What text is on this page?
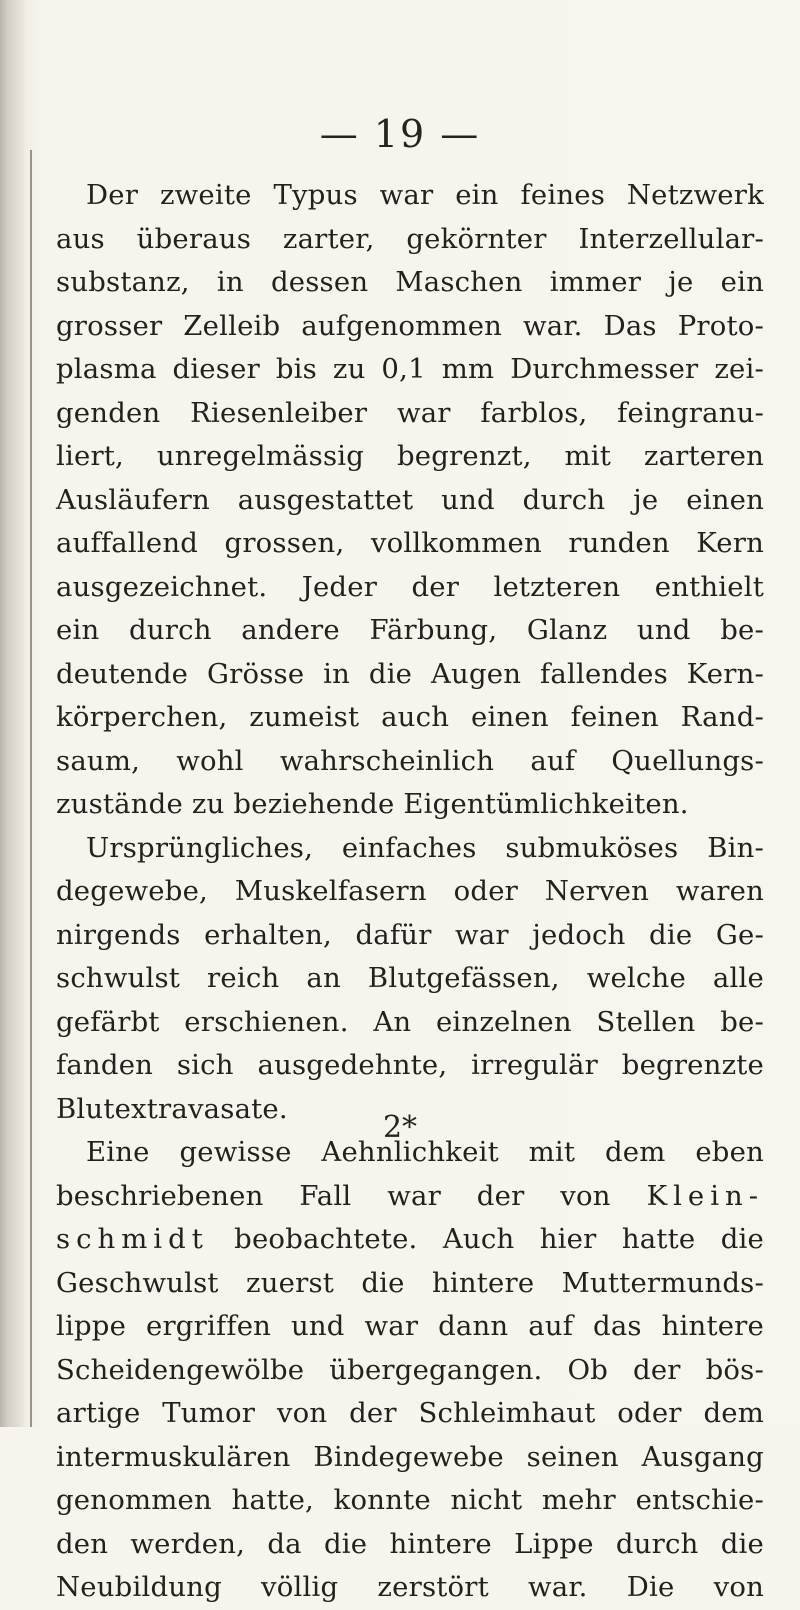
— 19 —
Der zweite Typus war ein feines Netzwerk
aus überaus zarter, gekörnter Interzellular-
substanz, in dessen Maschen immer je ein
grosser Zelleib aufgenommen war. Das Proto-
plasma dieser bis zu 0,1 mm Durchmesser zei-
genden Riesenleiber war farblos, feingranu-
liert, unregelmässig begrenzt, mit zarteren
Ausläufern ausgestattet und durch je einen
auffallend grossen, vollkommen runden Kern
ausgezeichnet. Jeder der letzteren enthielt
ein durch andere Färbung, Glanz und be-
deutende Grösse in die Augen fallendes Kern-
körperchen, zumeist auch einen feinen Rand-
saum, wohl wahrscheinlich auf Quellungs-
zustände zu beziehende Eigentümlichkeiten.
Ursprüngliches, einfaches submuköses Bin-
degewebe, Muskelfasern oder Nerven waren
nirgends erhalten, dafür war jedoch die Ge-
schwulst reich an Blutgefässen, welche alle
gefärbt erschienen. An einzelnen Stellen be-
fanden sich ausgedehnte, irregulär begrenzte
Blutextravasate.
Eine gewisse Aehnlichkeit mit dem eben
beschriebenen Fall war der von Klein-
schmidt beobachtete. Auch hier hatte die
Geschwulst zuerst die hintere Muttermunds-
lippe ergriffen und war dann auf das hintere
Scheidengewölbe übergegangen. Ob der bös-
artige Tumor von der Schleimhaut oder dem
intermuskulären Bindegewebe seinen Ausgang
genommen hatte, konnte nicht mehr entschie-
den werden, da die hintere Lippe durch die
Neubildung völlig zerstört war. Die von
2*
